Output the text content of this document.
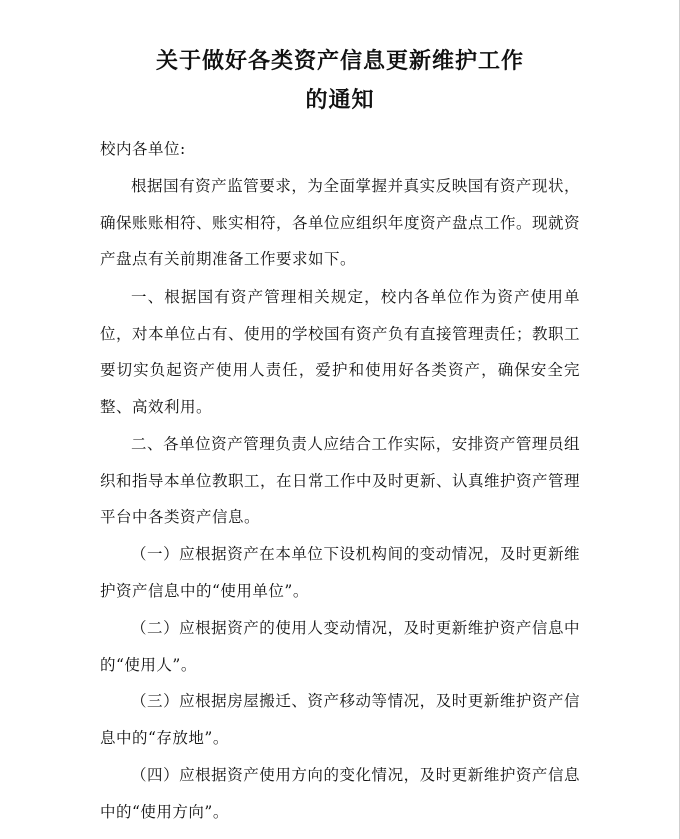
关于做好各类资产信息更新维护工作
的通知
校内各单位:

根据国有资产监管要求，为全面掌握并真实反映国有资产现状，确保账账相符、账实相符，各单位应组织年度资产盘点工作。现就资产盘点有关前期准备工作要求如下。

一、根据国有资产管理相关规定，校内各单位作为资产使用单位，对本单位占有、使用的学校国有资产负有直接管理责任；教职工要切实负起资产使用人责任，爱护和使用好各类资产，确保安全完整、高效利用。

二、各单位资产管理负责人应结合工作实际，安排资产管理员组织和指导本单位教职工，在日常工作中及时更新、认真维护资产管理平台中各类资产信息。

（一）应根据资产在本单位下设机构间的变动情况，及时更新维护资产信息中的“使用单位”。

（二）应根据资产的使用人变动情况，及时更新维护资产信息中的“使用人”。

（三）应根据房屋搬迁、资产移动等情况，及时更新维护资产信息中的“存放地”。

（四）应根据资产使用方向的变化情况，及时更新维护资产信息中的“使用方向”。
